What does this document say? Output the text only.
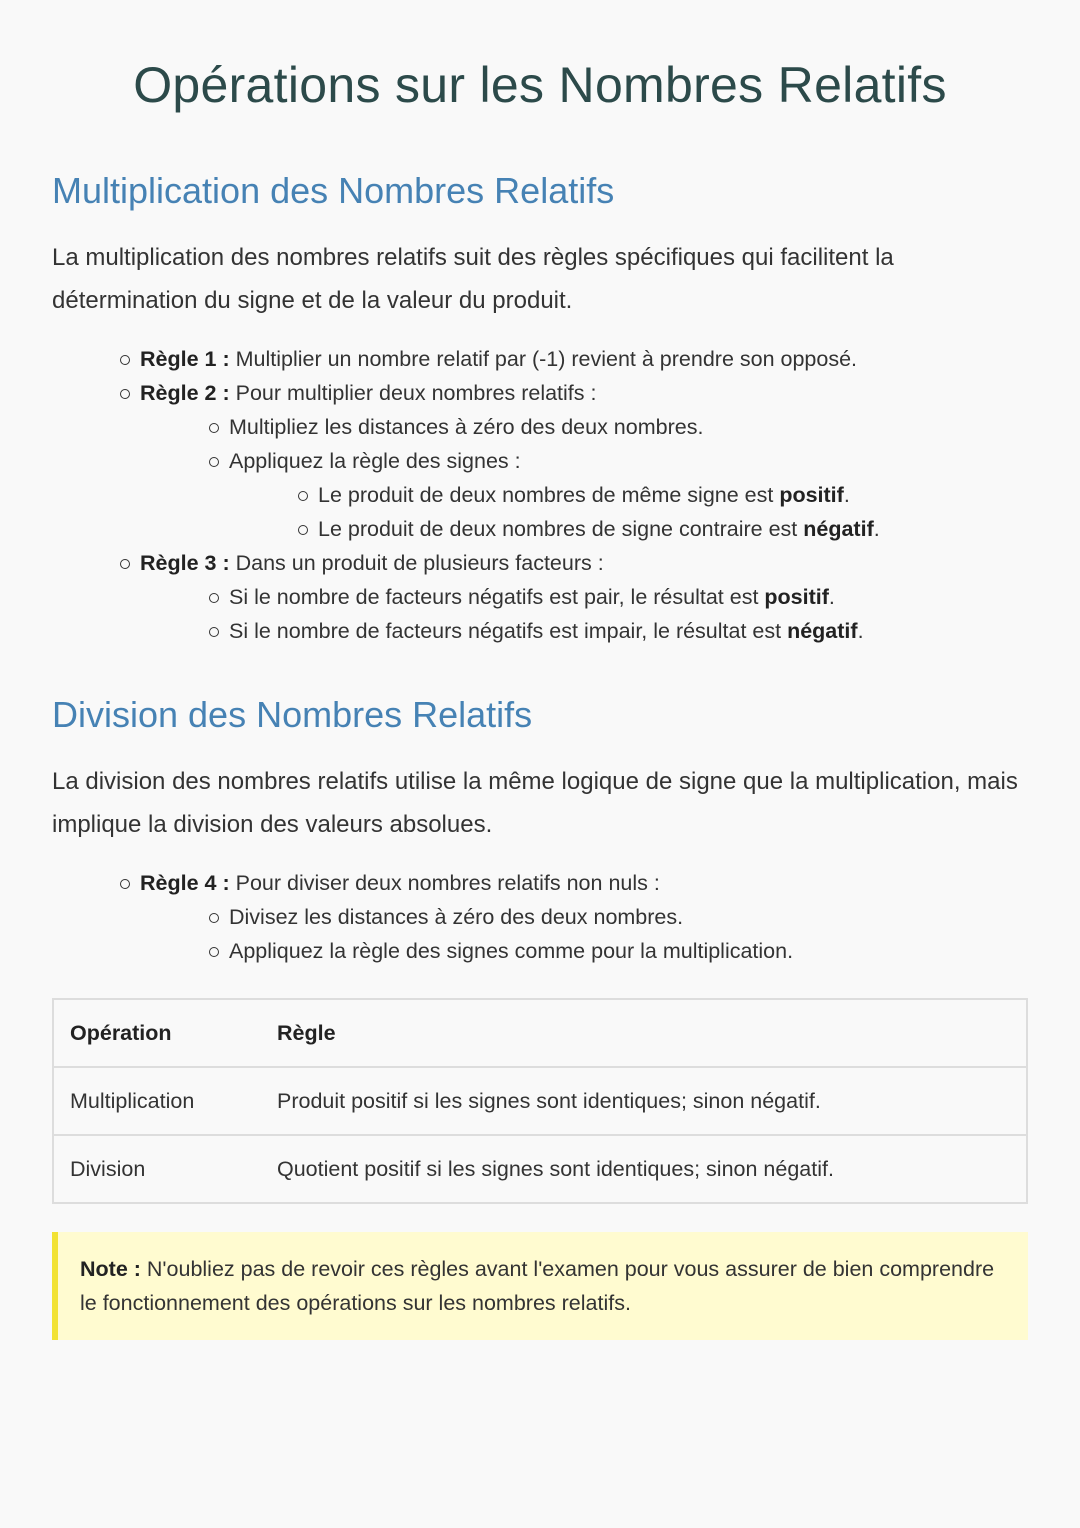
Opérations sur les Nombres Relatifs
Multiplication des Nombres Relatifs

La multiplication des nombres relatifs suit des règles spécifiques qui facilitent la détermination du signe et de la valeur du produit.

Règle 1 : Multiplier un nombre relatif par (-1) revient à prendre son opposé.
Règle 2 : Pour multiplier deux nombres relatifs :
Multipliez les distances à zéro des deux nombres.
Appliquez la règle des signes :
Le produit de deux nombres de même signe est positif.
Le produit de deux nombres de signe contraire est négatif.
Règle 3 : Dans un produit de plusieurs facteurs :
Si le nombre de facteurs négatifs est pair, le résultat est positif.
Si le nombre de facteurs négatifs est impair, le résultat est négatif.
Division des Nombres Relatifs

La division des nombres relatifs utilise la même logique de signe que la multiplication, mais implique la division des valeurs absolues.

Règle 4 : Pour diviser deux nombres relatifs non nuls :
Divisez les distances à zéro des deux nombres.
Appliquez la règle des signes comme pour la multiplication.
Opération	Règle
Multiplication	Produit positif si les signes sont identiques; sinon négatif.
Division	Quotient positif si les signes sont identiques; sinon négatif.
Note : N'oubliez pas de revoir ces règles avant l'examen pour vous assurer de bien comprendre le fonctionnement des opérations sur les nombres relatifs.
